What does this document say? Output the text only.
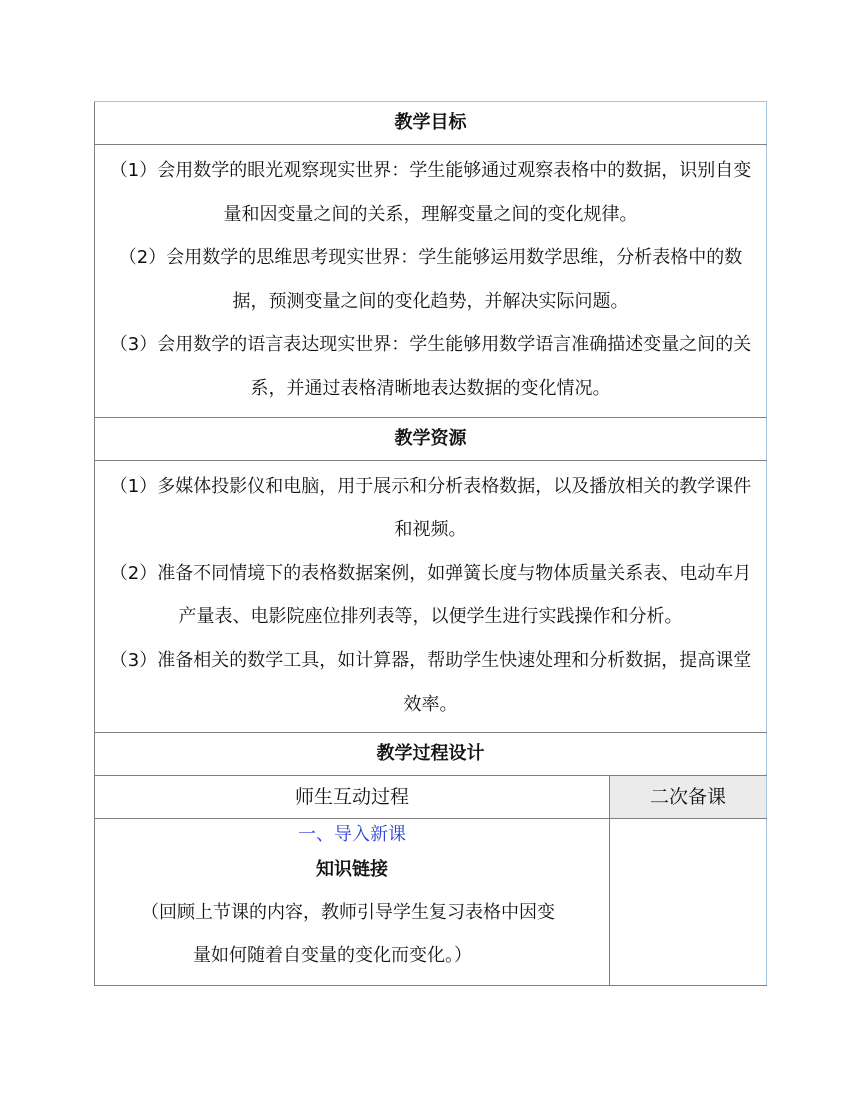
教学目标	

（1）会用数学的眼光观察现实世界：学生能够通过观察表格中的数据，识别自变量和因变量之间的关系，理解变量之间的变化规律。

（2）会用数学的思维思考现实世界：学生能够运用数学思维，分析表格中的数据，预测变量之间的变化趋势，并解决实际问题。

（3）会用数学的语言表达现实世界：学生能够用数学语言准确描述变量之间的关系，并通过表格清晰地表达数据的变化情况。	

教学资源	

（1）多媒体投影仪和电脑，用于展示和分析表格数据，以及播放相关的教学课件和视频。

（2）准备不同情境下的表格数据案例，如弹簧长度与物体质量关系表、电动车月产量表、电影院座位排列表等，以便学生进行实践操作和分析。

（3）准备相关的数学工具，如计算器，帮助学生快速处理和分析数据，提高课堂效率。	

教学过程设计	
师生互动过程	二次备课

一、导入新课
知识链接
（回顾上节课的内容，教师引导学生复习表格中因变
量如何随着自变量的变化而变化。）	
